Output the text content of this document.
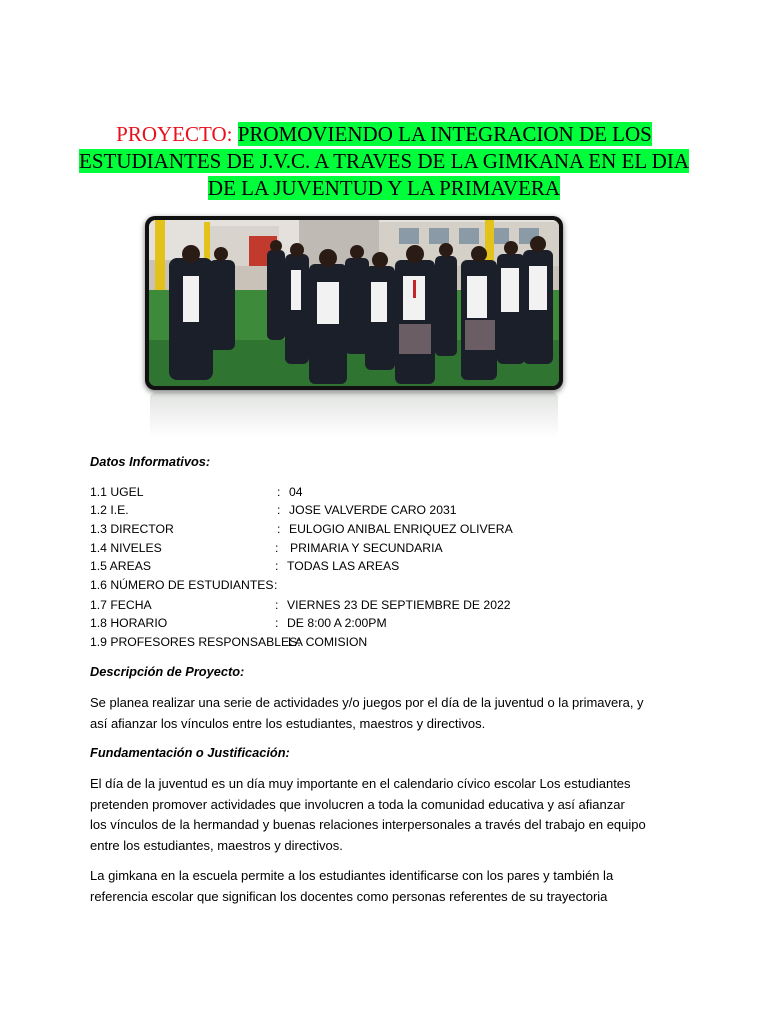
PROYECTO: PROMOVIENDO LA INTEGRACION DE LOS
ESTUDIANTES DE J.V.C. A TRAVES DE LA GIMKANA EN EL DIA
DE LA JUVENTUD Y LA PRIMAVERA
Datos Informativos:
1.1 UGEL	: 04
1.2 I.E.	: JOSE VALVERDE CARO 2031
1.3 DIRECTOR	: EULOGIO ANIBAL ENRIQUEZ OLIVERA
1.4 NIVELES	: PRIMARIA Y SECUNDARIA
1.5 AREAS	: TODAS LAS AREAS
1.6 NÚMERO DE ESTUDIANTES :
1.7 FECHA	: VIERNES 23 DE SEPTIEMBRE DE 2022
1.8 HORARIO	: DE 8:00 A 2:00PM
1.9 PROFESORES RESPONSABLES:
LA COMISION
Descripción de Proyecto:
Se planea realizar una serie de actividades y/o juegos por el día de la juventud o la primavera, y
así afianzar los vínculos entre los estudiantes, maestros y directivos.
Fundamentación o Justificación:
El día de la juventud es un día muy importante en el calendario cívico escolar Los estudiantes
pretenden promover actividades que involucren a toda la comunidad educativa y así afianzar
los vínculos de la hermandad y buenas relaciones interpersonales a través del trabajo en equipo
entre los estudiantes, maestros y directivos.
La gimkana en la escuela permite a los estudiantes identificarse con los pares y también la
referencia escolar que significan los docentes como personas referentes de su trayectoria
